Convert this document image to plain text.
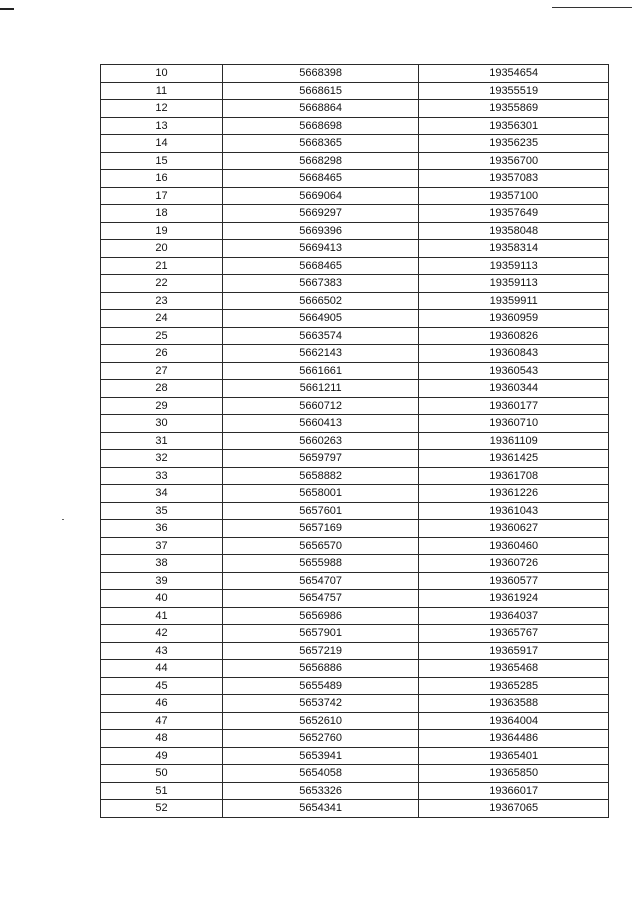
10	5668398	19354654
11	5668615	19355519
12	5668864	19355869
13	5668698	19356301
14	5668365	19356235
15	5668298	19356700
16	5668465	19357083
17	5669064	19357100
18	5669297	19357649
19	5669396	19358048
20	5669413	19358314
21	5668465	19359113
22	5667383	19359113
23	5666502	19359911
24	5664905	19360959
25	5663574	19360826
26	5662143	19360843
27	5661661	19360543
28	5661211	19360344
29	5660712	19360177
30	5660413	19360710
31	5660263	19361109
32	5659797	19361425
33	5658882	19361708
34	5658001	19361226
35	5657601	19361043
36	5657169	19360627
37	5656570	19360460
38	5655988	19360726
39	5654707	19360577
40	5654757	19361924
41	5656986	19364037
42	5657901	19365767
43	5657219	19365917
44	5656886	19365468
45	5655489	19365285
46	5653742	19363588
47	5652610	19364004
48	5652760	19364486
49	5653941	19365401
50	5654058	19365850
51	5653326	19366017
52	5654341	19367065
